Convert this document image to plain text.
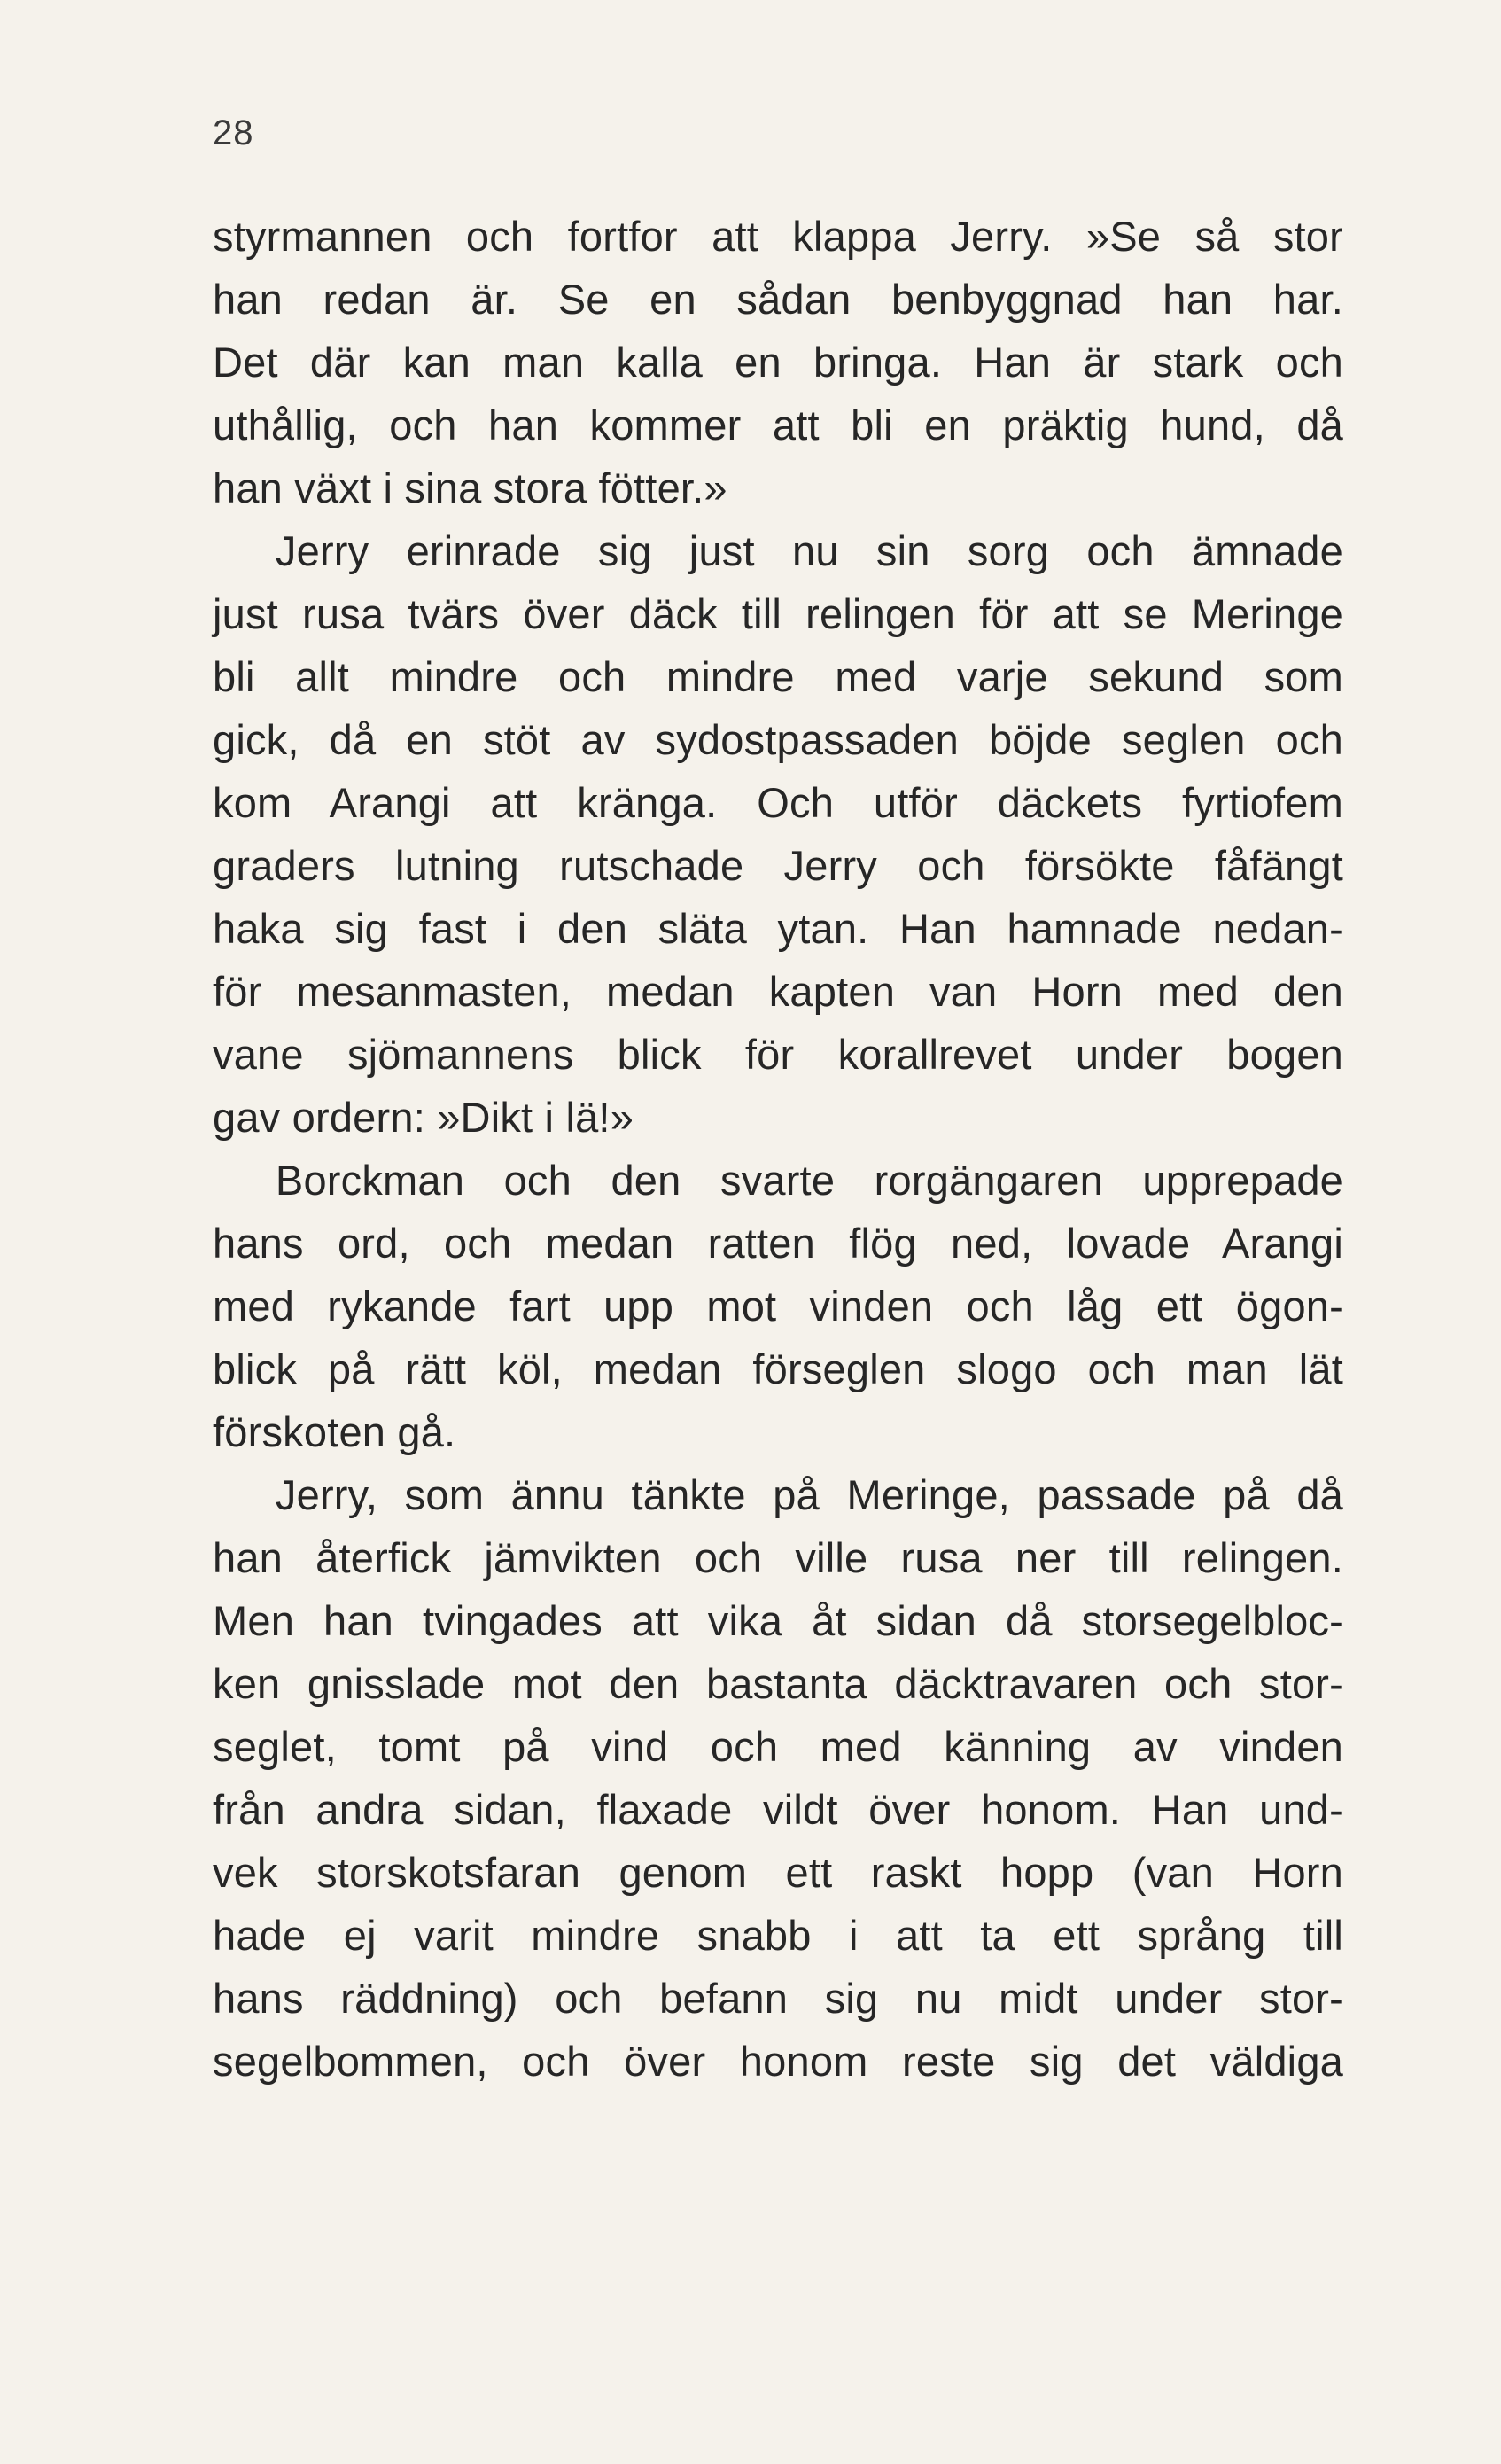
28
styrmannen och fortfor att klappa Jerry. »Se så stor
han redan är. Se en sådan benbyggnad han har.
Det där kan man kalla en bringa. Han är stark och
uthållig, och han kommer att bli en präktig hund, då
han växt i sina stora fötter.»
  Jerry erinrade sig just nu sin sorg och ämnade
just rusa tvärs över däck till relingen för att se Meringe
bli allt mindre och mindre med varje sekund som
gick, då en stöt av sydostpassaden böjde seglen och
kom Arangi att kränga. Och utför däckets fyrtiofem
graders lutning rutschade Jerry och försökte fåfängt
haka sig fast i den släta ytan. Han hamnade nedan-
för mesanmasten, medan kapten van Horn med den
vane sjömannens blick för korallrevet under bogen
gav ordern: »Dikt i lä!»
  Borckman och den svarte rorgängaren upprepade
hans ord, och medan ratten flög ned, lovade Arangi
med rykande fart upp mot vinden och låg ett ögon-
blick på rätt köl, medan förseglen slogo och man lät
förskoten gå.
  Jerry, som ännu tänkte på Meringe, passade på då
han återfick jämvikten och ville rusa ner till relingen.
Men han tvingades att vika åt sidan då storsegelbloc-
ken gnisslade mot den bastanta däcktravaren och stor-
seglet, tomt på vind och med känning av vinden
från andra sidan, flaxade vildt över honom. Han und-
vek storskotsfaran genom ett raskt hopp (van Horn
hade ej varit mindre snabb i att ta ett språng till
hans räddning) och befann sig nu midt under stor-
segelbommen, och över honom reste sig det väldiga
